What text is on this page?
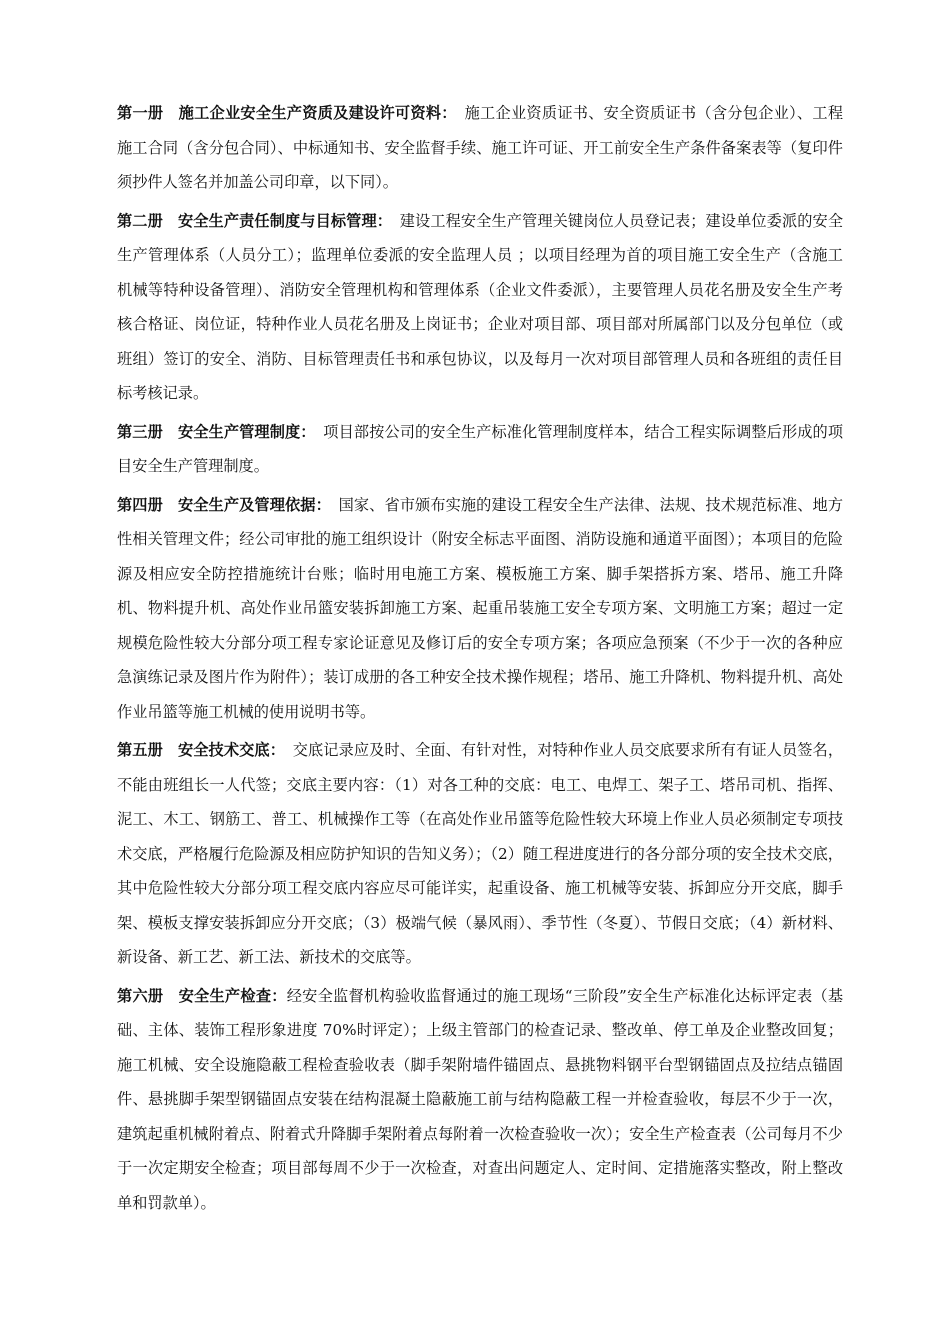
第一册 施工企业安全生产资质及建设许可资料：　施工企业资质证书、安全资质证书（含分包企业）、工程施工合同（含分包合同）、中标通知书、安全监督手续、施工许可证、开工前安全生产条件备案表等（复印件须抄件人签名并加盖公司印章，以下同）。

第二册 安全生产责任制度与目标管理：　建设工程安全生产管理关键岗位人员登记表；建设单位委派的安全生产管理体系（人员分工）；监理单位委派的安全监理人员 ；以项目经理为首的项目施工安全生产（含施工机械等特种设备管理）、消防安全管理机构和管理体系（企业文件委派），主要管理人员花名册及安全生产考核合格证、岗位证，特种作业人员花名册及上岗证书；企业对项目部、项目部对所属部门以及分包单位（或班组）签订的安全、消防、目标管理责任书和承包协议，以及每月一次对项目部管理人员和各班组的责任目标考核记录。

第三册 安全生产管理制度：　项目部按公司的安全生产标准化管理制度样本，结合工程实际调整后形成的项目安全生产管理制度。

第四册 安全生产及管理依据：　国家、省市颁布实施的建设工程安全生产法律、法规、技术规范标准、地方性相关管理文件；经公司审批的施工组织设计（附安全标志平面图、消防设施和通道平面图）；本项目的危险源及相应安全防控措施统计台账；临时用电施工方案、模板施工方案、脚手架搭拆方案、塔吊、施工升降机、物料提升机、高处作业吊篮安装拆卸施工方案、起重吊装施工安全专项方案、文明施工方案；超过一定规模危险性较大分部分项工程专家论证意见及修订后的安全专项方案；各项应急预案（不少于一次的各种应急演练记录及图片作为附件）；装订成册的各工种安全技术操作规程；塔吊、施工升降机、物料提升机、高处作业吊篮等施工机械的使用说明书等。

第五册 安全技术交底：　交底记录应及时、全面、有针对性，对特种作业人员交底要求所有有证人员签名，不能由班组长一人代签；交底主要内容：（1）对各工种的交底：电工、电焊工、架子工、塔吊司机、指挥、泥工、木工、钢筋工、普工、机械操作工等（在高处作业吊篮等危险性较大环境上作业人员必须制定专项技术交底，严格履行危险源及相应防护知识的告知义务）；（2）随工程进度进行的各分部分项的安全技术交底，其中危险性较大分部分项工程交底内容应尽可能详实，起重设备、施工机械等安装、拆卸应分开交底，脚手架、模板支撑安装拆卸应分开交底；（3）极端气候（暴风雨）、季节性（冬夏）、节假日交底；（4）新材料、新设备、新工艺、新工法、新技术的交底等。

第六册 安全生产检查：经安全监督机构验收监督通过的施工现场“三阶段”安全生产标准化达标评定表（基础、主体、装饰工程形象进度 70%时评定）；上级主管部门的检查记录、整改单、停工单及企业整改回复；施工机械、安全设施隐蔽工程检查验收表（脚手架附墙件锚固点、悬挑物料钢平台型钢锚固点及拉结点锚固件、悬挑脚手架型钢锚固点安装在结构混凝土隐蔽施工前与结构隐蔽工程一并检查验收，每层不少于一次，建筑起重机械附着点、附着式升降脚手架附着点每附着一次检查验收一次）；安全生产检查表（公司每月不少于一次定期安全检查；项目部每周不少于一次检查，对查出问题定人、定时间、定措施落实整改，附上整改单和罚款单）。
